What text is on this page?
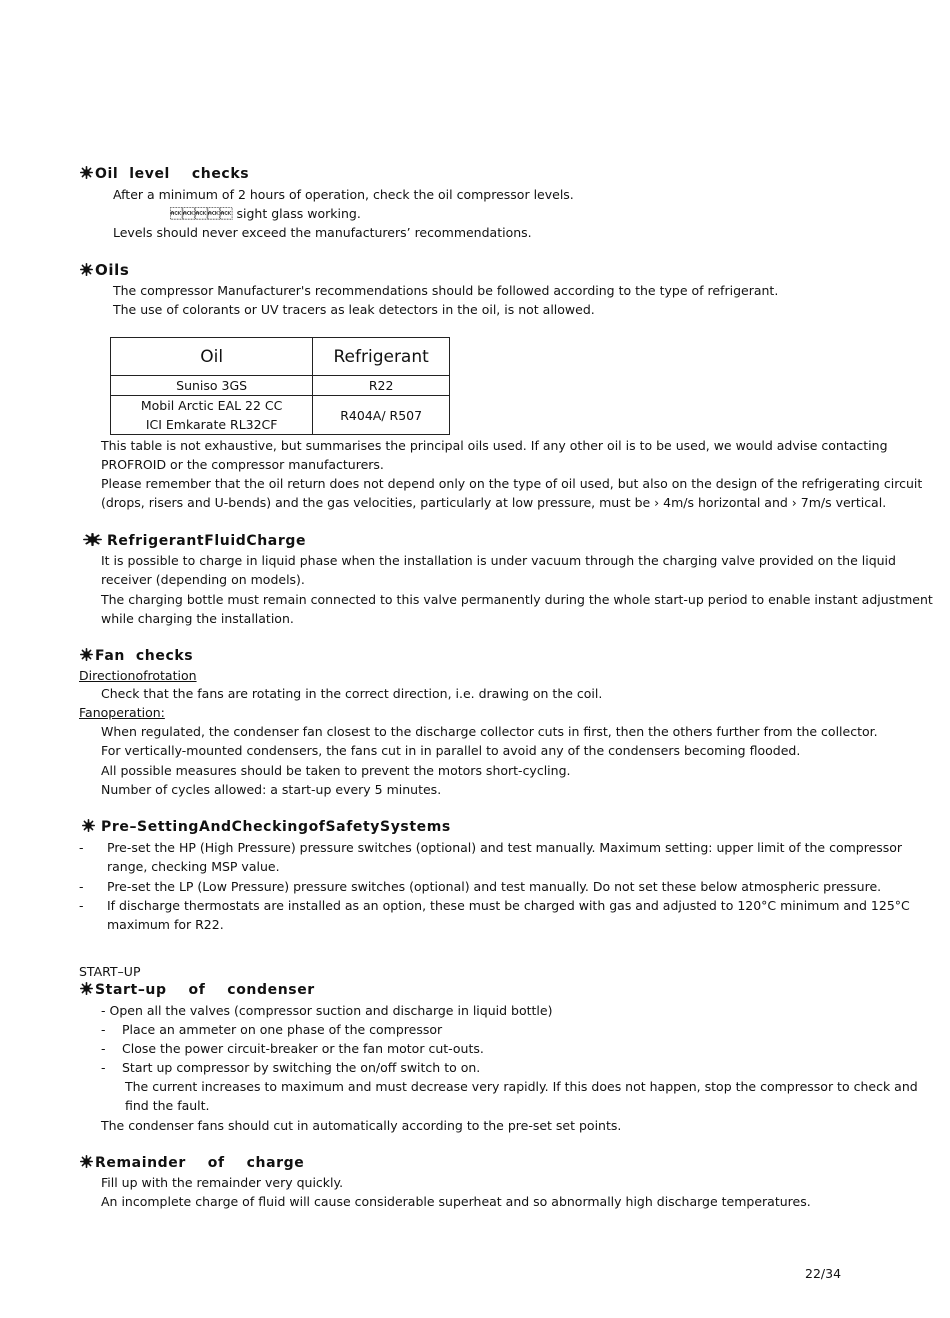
Oil  level    checks
After a minimum of 2 hours of operation, check the oil compressor levels.
 sight glass working.
Levels should never exceed the manufacturers’ recommendations.
Oils
The compressor Manufacturer's recommendations should be followed according to the type of refrigerant.
The use of colorants or UV tracers as leak detectors in the oil, is not allowed.
Oil	Refrigerant
Suniso 3GS	R22

Mobil Arctic EAL 22 CC
ICI Emkarate RL32CF	R404A/ R507
This table is not exhaustive, but summarises the principal oils used. If any other oil is to be used, we would advise contacting
PROFROID or the compressor manufacturers.
Please remember that the oil return does not depend only on the type of oil used, but also on the design of the refrigerating circuit
(drops, risers and U-bends) and the gas velocities, particularly at low pressure, must be › 4m/s horizontal and › 7m/s vertical.
RefrigerantFluidCharge
It is possible to charge in liquid phase when the installation is under vacuum through the charging valve provided on the liquid
receiver (depending on models).
The charging bottle must remain connected to this valve permanently during the whole start-up period to enable instant adjustment
while charging the installation.
Fan  checks
Directionofrotation
Check that the fans are rotating in the correct direction, i.e. drawing on the coil.
Fanoperation:
When regulated, the condenser fan closest to the discharge collector cuts in first, then the others further from the collector.
For vertically-mounted condensers, the fans cut in in parallel to avoid any of the condensers becoming flooded.
All possible measures should be taken to prevent the motors short-cycling.
Number of cycles allowed: a start-up every 5 minutes.
Pre–SettingAndCheckingofSafetySystems
- Pre-set the HP (High Pressure) pressure switches (optional) and test manually. Maximum setting: upper limit of the compressor
range, checking MSP value.
- Pre-set the LP (Low Pressure) pressure switches (optional) and test manually. Do not set these below atmospheric pressure.
- If discharge thermostats are installed as an option, these must be charged with gas and adjusted to 120°C minimum and 125°C
maximum for R22.
START–UP
Start–up    of    condenser
- Open all the valves (compressor suction and discharge in liquid bottle)
- Place an ammeter on one phase of the compressor
- Close the power circuit-breaker or the fan motor cut-outs.
- Start up compressor by switching the on/off switch to on.
The current increases to maximum and must decrease very rapidly. If this does not happen, stop the compressor to check and
find the fault.
The condenser fans should cut in automatically according to the pre-set set points.
Remainder    of    charge
Fill up with the remainder very quickly.
An incomplete charge of fluid will cause considerable superheat and so abnormally high discharge temperatures.
22/34
